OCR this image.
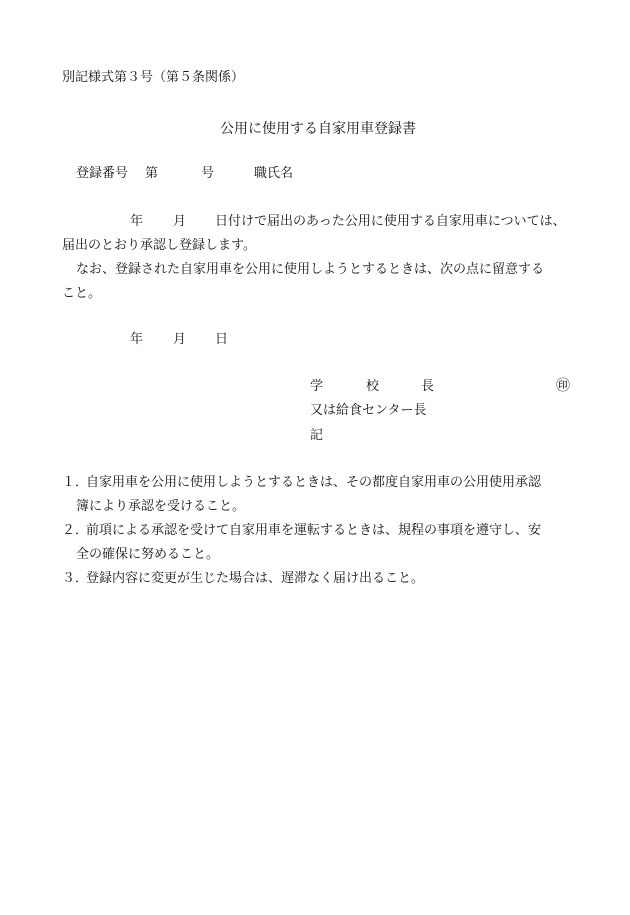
別記様式第３号（第５条関係）
公用に使用する自家用車登録書
登録番号 第	号	職氏名
年 月 日付けで届出のあった公用に使用する自家用車については、
届出のとおり承認し登録します。
なお、登録された自家用車を公用に使用しようとするときは、次の点に留意する
こと。
年 月 日
学	校	長	㊞
又は給食センター長
記
１．自家用車を公用に使用しようとするときは、その都度自家用車の公用使用承認
簿により承認を受けること。
２．前項による承認を受けて自家用車を運転するときは、規程の事項を遵守し、安
全の確保に努めること。
３．登録内容に変更が生じた場合は、遅滞なく届け出ること。
